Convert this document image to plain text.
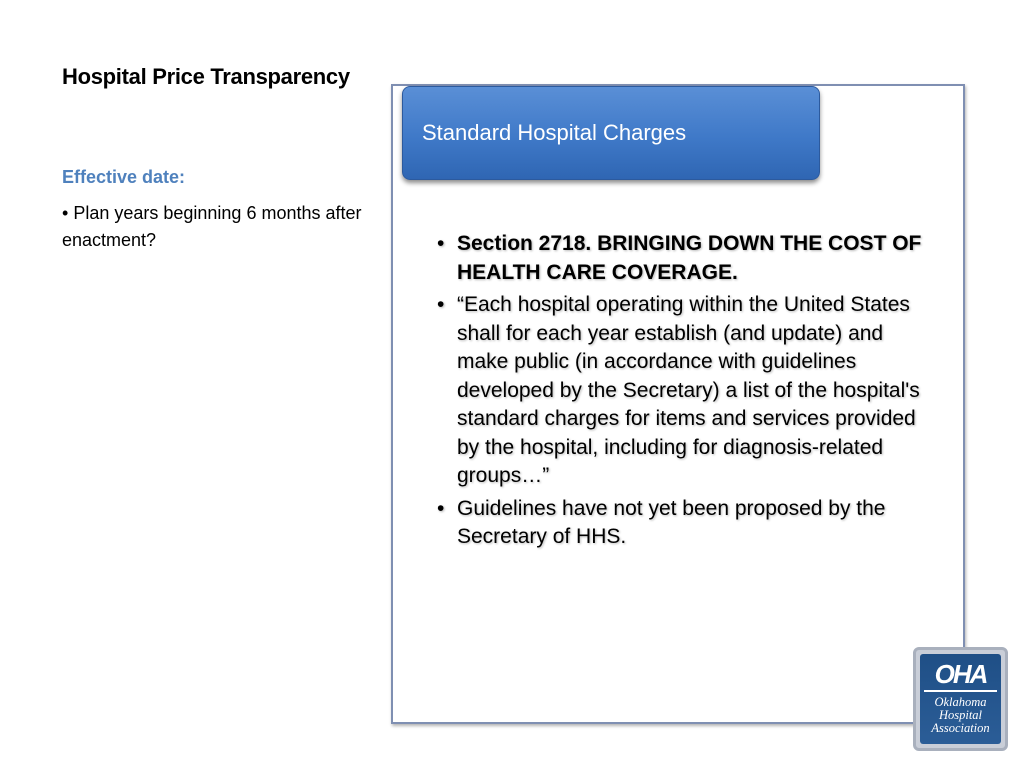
Hospital Price Transparency
Effective date:
• Plan years beginning 6 months after enactment?
Standard Hospital Charges
• Section 2718. BRINGING DOWN THE COST OF HEALTH CARE COVERAGE.
• “Each hospital operating within the United States shall for each year establish (and update) and make public (in accordance with guidelines developed by the Secretary) a list of the hospital's standard charges for items and services provided by the hospital, including for diagnosis-related groups…”
• Guidelines have not yet been proposed by the Secretary of HHS.
OHA
Oklahoma
Hospital
Association
